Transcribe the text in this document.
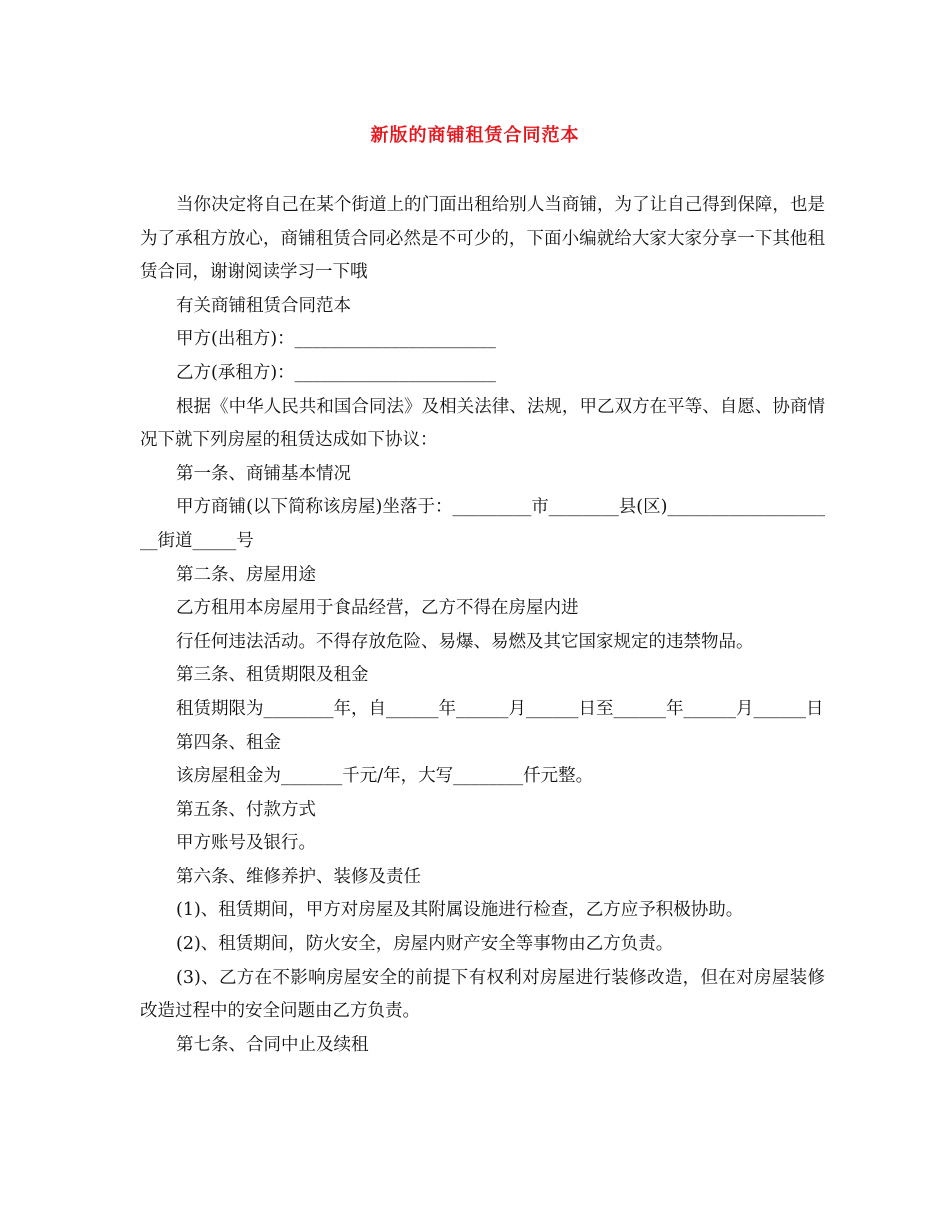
新版的商铺租赁合同范本

当你决定将自己在某个街道上的门面出租给别人当商铺，为了让自己得到保障，也是为了承租方放心，商铺租赁合同必然是不可少的，下面小编就给大家大家分享一下其他租赁合同，谢谢阅读学习一下哦

有关商铺租赁合同范本

甲方(出租方)：_______________________

乙方(承租方)：_______________________

根据《中华人民共和国合同法》及相关法律、法规，甲乙双方在平等、自愿、协商情况下就下列房屋的租赁达成如下协议：

第一条、商铺基本情况

甲方商铺(以下简称该房屋)坐落于：_________市________县(区)____________________街道_____号

第二条、房屋用途

乙方租用本房屋用于食品经营，乙方不得在房屋内进

行任何违法活动。不得存放危险、易爆、易燃及其它国家规定的违禁物品。

第三条、租赁期限及租金

租赁期限为________年，自______年______月______日至______年______月______日

第四条、租金

该房屋租金为_______千元/年，大写________仟元整。

第五条、付款方式

甲方账号及银行。

第六条、维修养护、装修及责任

(1)、租赁期间，甲方对房屋及其附属设施进行检查，乙方应予积极协助。

(2)、租赁期间，防火安全，房屋内财产安全等事物由乙方负责。

(3)、乙方在不影响房屋安全的前提下有权利对房屋进行装修改造，但在对房屋装修改造过程中的安全问题由乙方负责。

第七条、合同中止及续租
